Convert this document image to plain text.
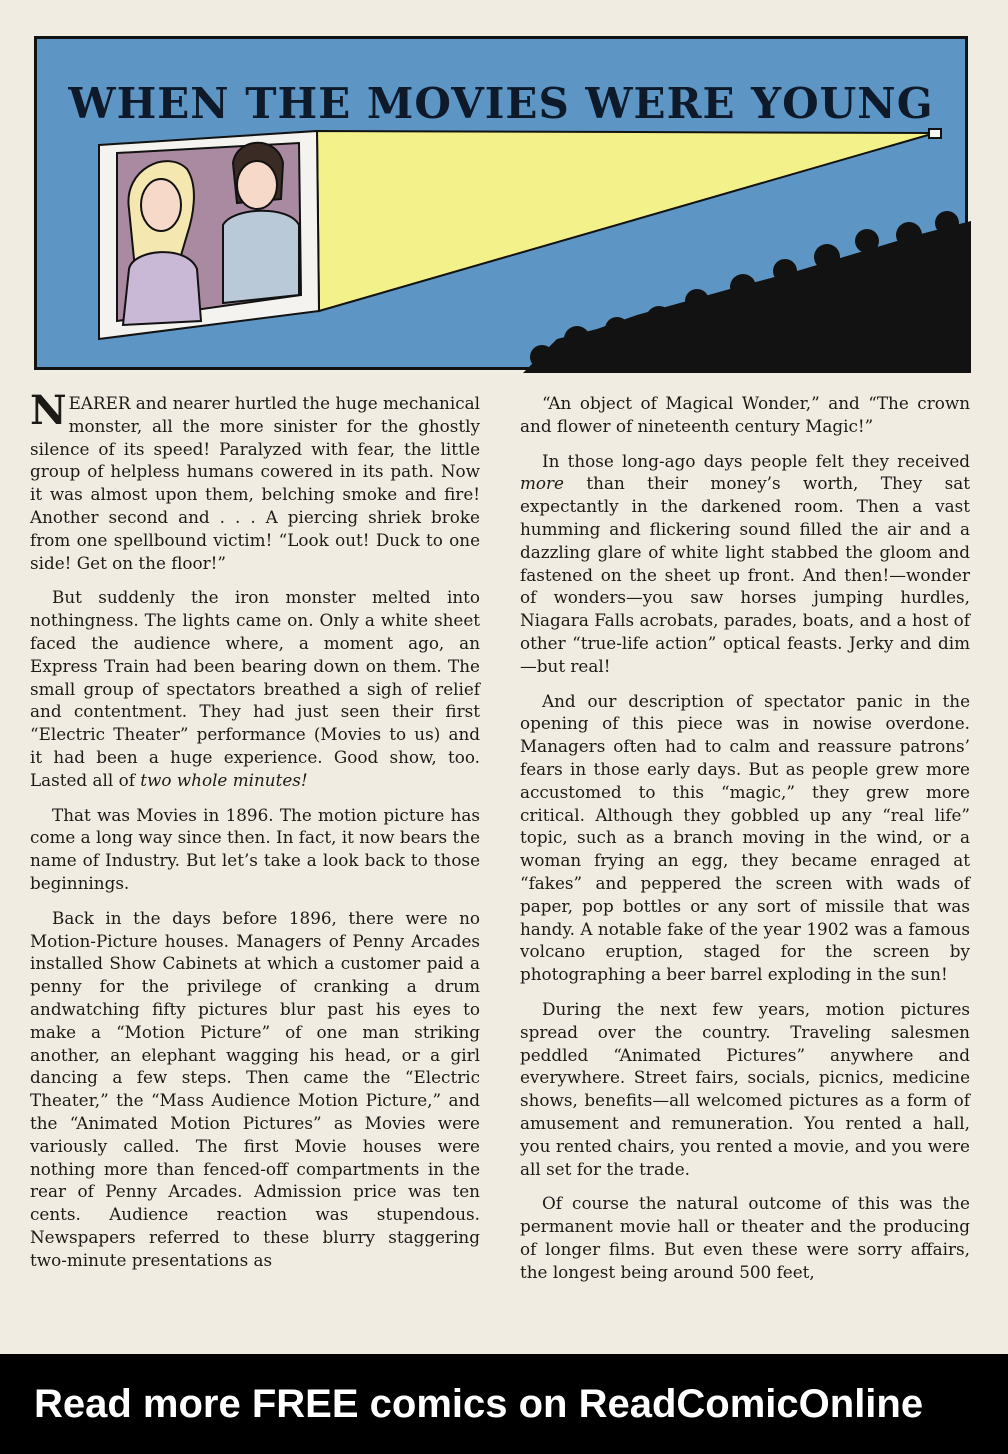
WHEN THE MOVIES WERE YOUNG

NEARER and nearer hurtled the huge mechanical monster, all the more sinister for the ghostly silence of its speed! Paralyzed with fear, the little group of helpless humans cowered in its path. Now it was almost upon them, belching smoke and fire! Another second and . . . A piercing shriek broke from one spellbound victim! “Look out! Duck to one side! Get on the floor!”

But suddenly the iron monster melted into nothingness. The lights came on. Only a white sheet faced the audience where, a moment ago, an Express Train had been bearing down on them. The small group of spectators breathed a sigh of relief and contentment. They had just seen their first “Electric Theater” performance (Movies to us) and it had been a huge experience. Good show, too. Lasted all of two whole minutes!

That was Movies in 1896. The motion picture has come a long way since then. In fact, it now bears the name of Industry. But let’s take a look back to those beginnings.

Back in the days before 1896, there were no Motion-Picture houses. Managers of Penny Arcades installed Show Cabinets at which a customer paid a penny for the privilege of cranking a drum andwatching fifty pictures blur past his eyes to make a “Motion Picture” of one man striking another, an elephant wagging his head, or a girl dancing a few steps. Then came the “Electric Theater,” the “Mass Audience Motion Picture,” and the “Animated Motion Pictures” as Movies were variously called. The first Movie houses were nothing more than fenced-off compartments in the rear of Penny Arcades. Admission price was ten cents. Audience reaction was stupendous. Newspapers referred to these blurry staggering two-minute presentations as

“An object of Magical Wonder,” and “The crown and flower of nineteenth century Magic!”

In those long-ago days people felt they received more than their money’s worth, They sat expectantly in the darkened room. Then a vast humming and flickering sound filled the air and a dazzling glare of white light stabbed the gloom and fastened on the sheet up front. And then!—wonder of wonders—you saw horses jumping hurdles, Niagara Falls acrobats, parades, boats, and a host of other “true-life action” optical feasts. Jerky and dim—but real!

And our description of spectator panic in the opening of this piece was in nowise overdone. Managers often had to calm and reassure patrons’ fears in those early days. But as people grew more accustomed to this “magic,” they grew more critical. Although they gobbled up any “real life” topic, such as a branch moving in the wind, or a woman frying an egg, they became enraged at “fakes” and peppered the screen with wads of paper, pop bottles or any sort of missile that was handy. A notable fake of the year 1902 was a famous volcano eruption, staged for the screen by photographing a beer barrel exploding in the sun!

During the next few years, motion pictures spread over the country. Traveling salesmen peddled “Animated Pictures” anywhere and everywhere. Street fairs, socials, picnics, medicine shows, benefits—all welcomed pictures as a form of amusement and remuneration. You rented a hall, you rented chairs, you rented a movie, and you were all set for the trade.

Of course the natural outcome of this was the permanent movie hall or theater and the producing of longer films. But even these were sorry affairs, the longest being around 500 feet,

Read more FREE comics on ReadComicOnline
